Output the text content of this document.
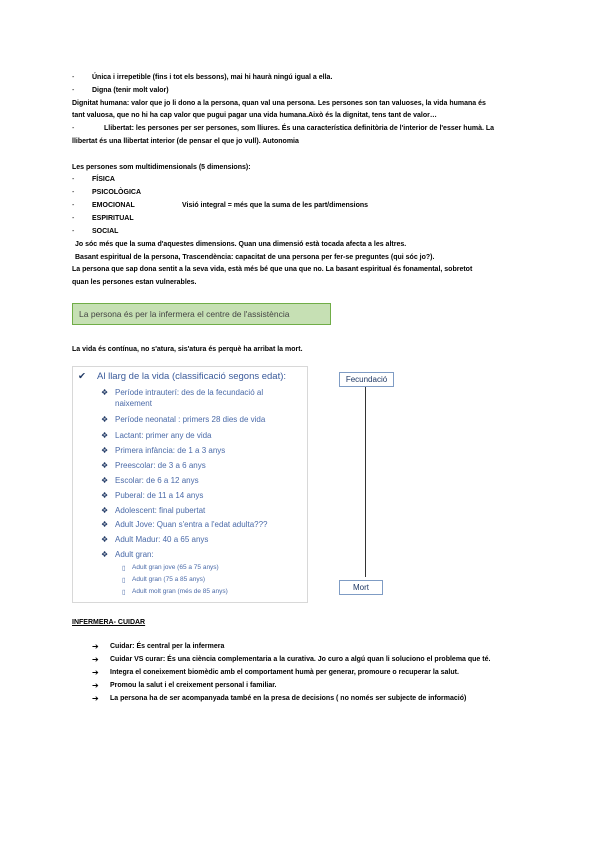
-	Única i irrepetible (fins i tot els bessons), mai hi haurà ningú igual a ella.
-	Digna (tenir molt valor)
Dignitat humana: valor que jo li dono a la persona, quan val una persona. Les persones son tan valuoses, la vida humana és
tant valuosa, que no hi ha cap valor que pugui pagar una vida humana.Això és la dignitat, tens tant de valor…
-	Llibertat: les persones per ser persones, som lliures. És una característica definitòria de l'interior de l'esser humà. La
llibertat és una llibertat interior (de pensar el que jo vull). Autonomia
Les persones som multidimensionals (5 dimensions):
-	FÍSICA
-	PSICOLÒGICA
-	EMOCIONAL	Visió integral = més que la suma de les part/dimensions
-	ESPIRITUAL
-	SOCIAL
Jo sóc més que la suma d'aquestes dimensions. Quan una dimensió està tocada afecta a les altres.
Basant espiritual de la persona, Trascendència: capacitat de una persona per fer-se preguntes (qui sóc jo?).
La persona que sap dona sentit a la seva vida, està més bé que una que no. La basant espiritual és fonamental, sobretot
quan les persones estan vulnerables.
La persona és per la infermera el centre de l'assistència
La vida és contínua, no s'atura, sis'atura és perquè ha arribat la mort.
✔ Al llarg de la vida (classificació segons edat):
❖ Període intrauterí: des de la fecundació al
naixement
❖ Període neonatal : primers 28 dies de vida
❖ Lactant: primer any de vida
❖ Primera infància: de 1 a 3 anys
❖ Preescolar: de 3 a 6 anys
❖ Escolar: de 6 a 12 anys
❖ Puberal: de 11 a 14 anys
❖ Adolescent: final pubertat
❖ Adult Jove: Quan s'entra a l'edat adulta???
❖ Adult Madur: 40 a 65 anys
❖ Adult gran:
▯ Adult gran jove (65 a 75 anys)
▯ Adult gran (75 a 85 anys)
▯ Adult molt gran (més de 85 anys)
Fecundació
Mort
INFERMERA- CUIDAR
➔ Cuidar: És central per la infermera
➔ Cuidar VS curar: És una ciència complementaria a la curativa. Jo curo a algú quan li soluciono el problema que té.
➔ Integra el coneixement biomèdic amb el comportament humà per generar, promoure o recuperar la salut.
➔ Promou la salut i el creixement personal i familiar.
➔ La persona ha de ser acompanyada també en la presa de decisions ( no només ser subjecte de informació)
